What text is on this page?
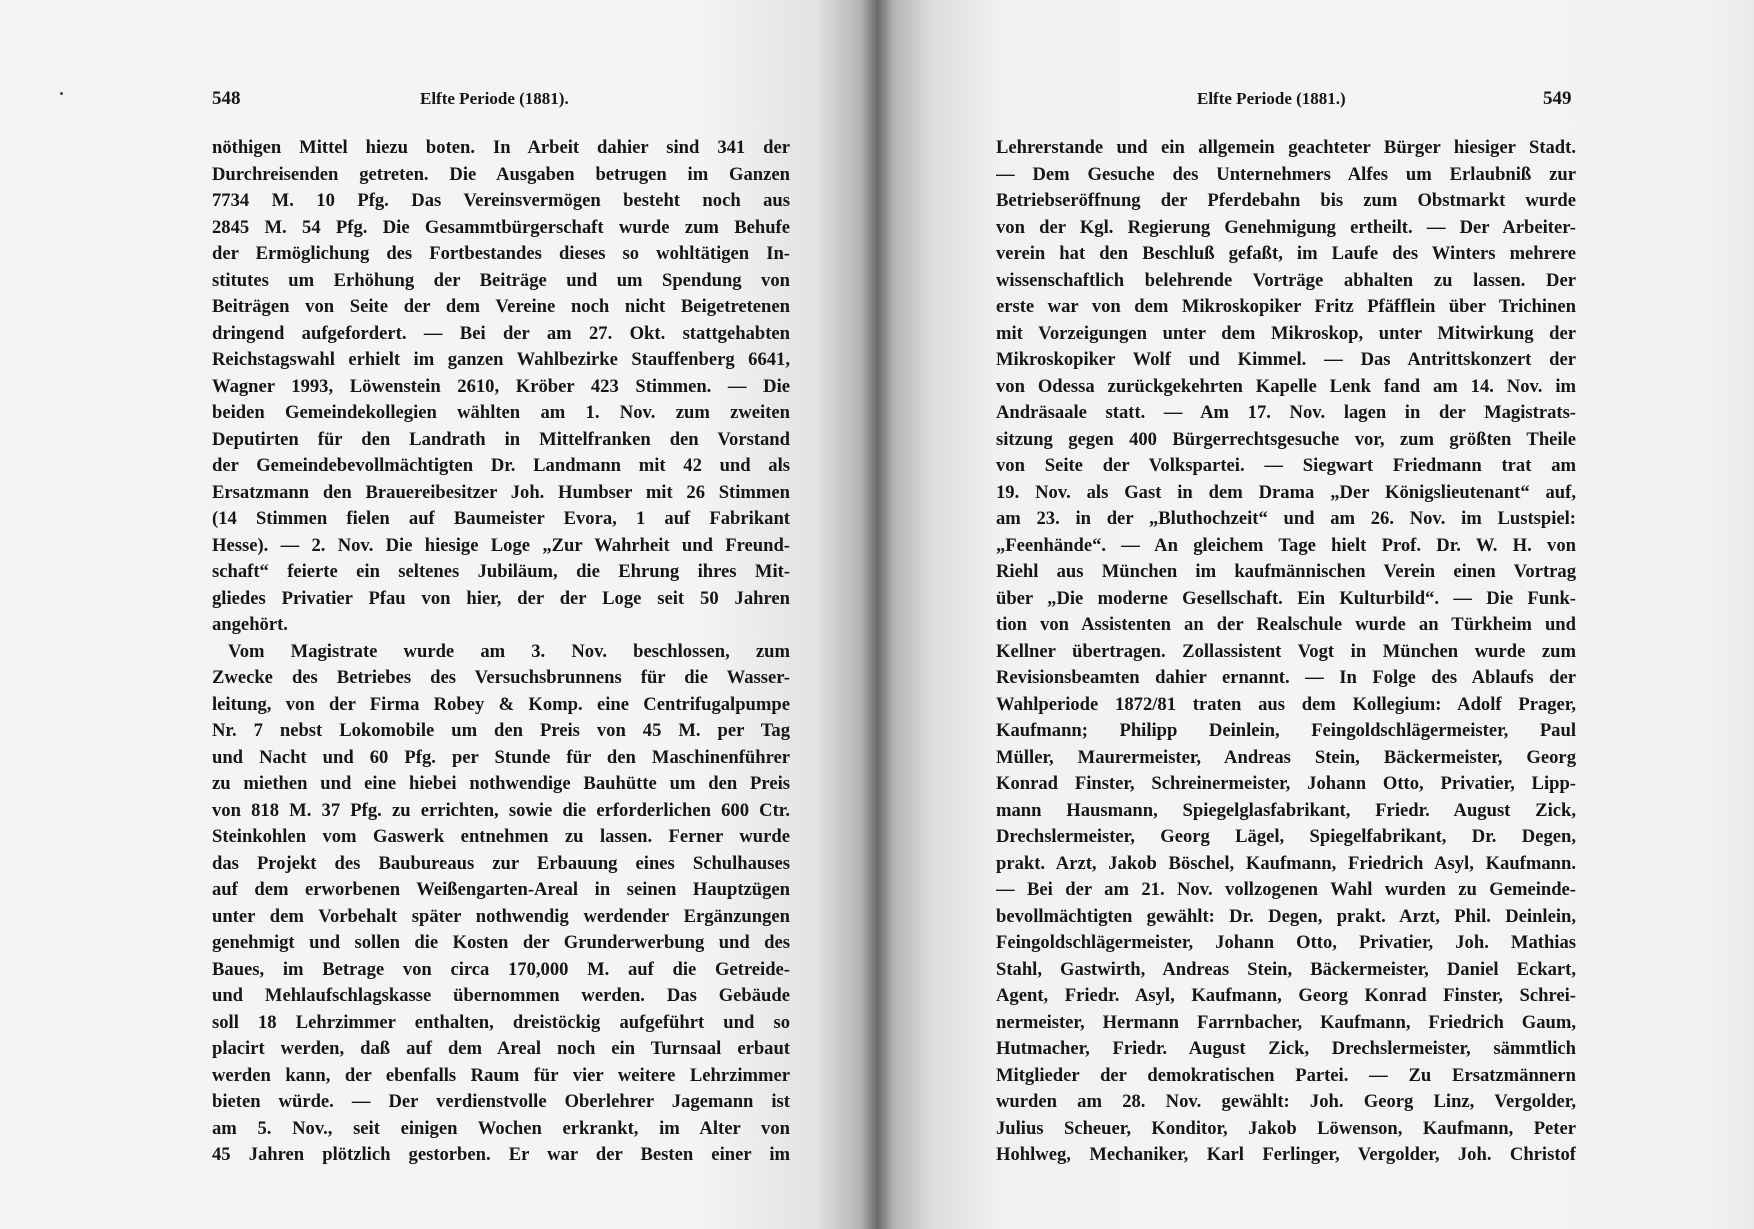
548	Elfte Periode (1881).
nöthigen Mittel hiezu boten. In Arbeit dahier sind 341 der
Durchreisenden getreten. Die Ausgaben betrugen im Ganzen
7734 M. 10 Pfg. Das Vereinsvermögen besteht noch aus
2845 M. 54 Pfg. Die Gesammtbürgerschaft wurde zum Behufe
der Ermöglichung des Fortbestandes dieses so wohltätigen In-
stitutes um Erhöhung der Beiträge und um Spendung von
Beiträgen von Seite der dem Vereine noch nicht Beigetretenen
dringend aufgefordert. — Bei der am 27. Okt. stattgehabten
Reichstagswahl erhielt im ganzen Wahlbezirke Stauffenberg 6641,
Wagner 1993, Löwenstein 2610, Kröber 423 Stimmen. — Die
beiden Gemeindekollegien wählten am 1. Nov. zum zweiten
Deputirten für den Landrath in Mittelfranken den Vorstand
der Gemeindebevollmächtigten Dr. Landmann mit 42 und als
Ersatzmann den Brauereibesitzer Joh. Humbser mit 26 Stimmen
(14 Stimmen fielen auf Baumeister Evora, 1 auf Fabrikant
Hesse). — 2. Nov. Die hiesige Loge „Zur Wahrheit und Freund-
schaft“ feierte ein seltenes Jubiläum, die Ehrung ihres Mit-
gliedes Privatier Pfau von hier, der der Loge seit 50 Jahren
angehört.
Vom Magistrate wurde am 3. Nov. beschlossen, zum
Zwecke des Betriebes des Versuchsbrunnens für die Wasser-
leitung, von der Firma Robey & Komp. eine Centrifugalpumpe
Nr. 7 nebst Lokomobile um den Preis von 45 M. per Tag
und Nacht und 60 Pfg. per Stunde für den Maschinenführer
zu miethen und eine hiebei nothwendige Bauhütte um den Preis
von 818 M. 37 Pfg. zu errichten, sowie die erforderlichen 600 Ctr.
Steinkohlen vom Gaswerk entnehmen zu lassen. Ferner wurde
das Projekt des Baubureaus zur Erbauung eines Schulhauses
auf dem erworbenen Weißengarten-Areal in seinen Hauptzügen
unter dem Vorbehalt später nothwendig werdender Ergänzungen
genehmigt und sollen die Kosten der Grunderwerbung und des
Baues, im Betrage von circa 170,000 M. auf die Getreide-
und Mehlaufschlagskasse übernommen werden. Das Gebäude
soll 18 Lehrzimmer enthalten, dreistöckig aufgeführt und so
placirt werden, daß auf dem Areal noch ein Turnsaal erbaut
werden kann, der ebenfalls Raum für vier weitere Lehrzimmer
bieten würde. — Der verdienstvolle Oberlehrer Jagemann ist
am 5. Nov., seit einigen Wochen erkrankt, im Alter von
45 Jahren plötzlich gestorben. Er war der Besten einer im
Elfte Periode (1881.)	549
Lehrerstande und ein allgemein geachteter Bürger hiesiger Stadt.
— Dem Gesuche des Unternehmers Alfes um Erlaubniß zur
Betriebseröffnung der Pferdebahn bis zum Obstmarkt wurde
von der Kgl. Regierung Genehmigung ertheilt. — Der Arbeiter-
verein hat den Beschluß gefaßt, im Laufe des Winters mehrere
wissenschaftlich belehrende Vorträge abhalten zu lassen. Der
erste war von dem Mikroskopiker Fritz Pfäfflein über Trichinen
mit Vorzeigungen unter dem Mikroskop, unter Mitwirkung der
Mikroskopiker Wolf und Kimmel. — Das Antrittskonzert der
von Odessa zurückgekehrten Kapelle Lenk fand am 14. Nov. im
Andräsaale statt. — Am 17. Nov. lagen in der Magistrats-
sitzung gegen 400 Bürgerrechtsgesuche vor, zum größten Theile
von Seite der Volkspartei. — Siegwart Friedmann trat am
19. Nov. als Gast in dem Drama „Der Königslieutenant“ auf,
am 23. in der „Bluthochzeit“ und am 26. Nov. im Lustspiel:
„Feenhände“. — An gleichem Tage hielt Prof. Dr. W. H. von
Riehl aus München im kaufmännischen Verein einen Vortrag
über „Die moderne Gesellschaft. Ein Kulturbild“. — Die Funk-
tion von Assistenten an der Realschule wurde an Türkheim und
Kellner übertragen. Zollassistent Vogt in München wurde zum
Revisionsbeamten dahier ernannt. — In Folge des Ablaufs der
Wahlperiode 1872/81 traten aus dem Kollegium: Adolf Prager,
Kaufmann; Philipp Deinlein, Feingoldschlägermeister, Paul
Müller, Maurermeister, Andreas Stein, Bäckermeister, Georg
Konrad Finster, Schreinermeister, Johann Otto, Privatier, Lipp-
mann Hausmann, Spiegelglasfabrikant, Friedr. August Zick,
Drechslermeister, Georg Lägel, Spiegelfabrikant, Dr. Degen,
prakt. Arzt, Jakob Böschel, Kaufmann, Friedrich Asyl, Kaufmann.
— Bei der am 21. Nov. vollzogenen Wahl wurden zu Gemeinde-
bevollmächtigten gewählt: Dr. Degen, prakt. Arzt, Phil. Deinlein,
Feingoldschlägermeister, Johann Otto, Privatier, Joh. Mathias
Stahl, Gastwirth, Andreas Stein, Bäckermeister, Daniel Eckart,
Agent, Friedr. Asyl, Kaufmann, Georg Konrad Finster, Schrei-
nermeister, Hermann Farrnbacher, Kaufmann, Friedrich Gaum,
Hutmacher, Friedr. August Zick, Drechslermeister, sämmtlich
Mitglieder der demokratischen Partei. — Zu Ersatzmännern
wurden am 28. Nov. gewählt: Joh. Georg Linz, Vergolder,
Julius Scheuer, Konditor, Jakob Löwenson, Kaufmann, Peter
Hohlweg, Mechaniker, Karl Ferlinger, Vergolder, Joh. Christof
